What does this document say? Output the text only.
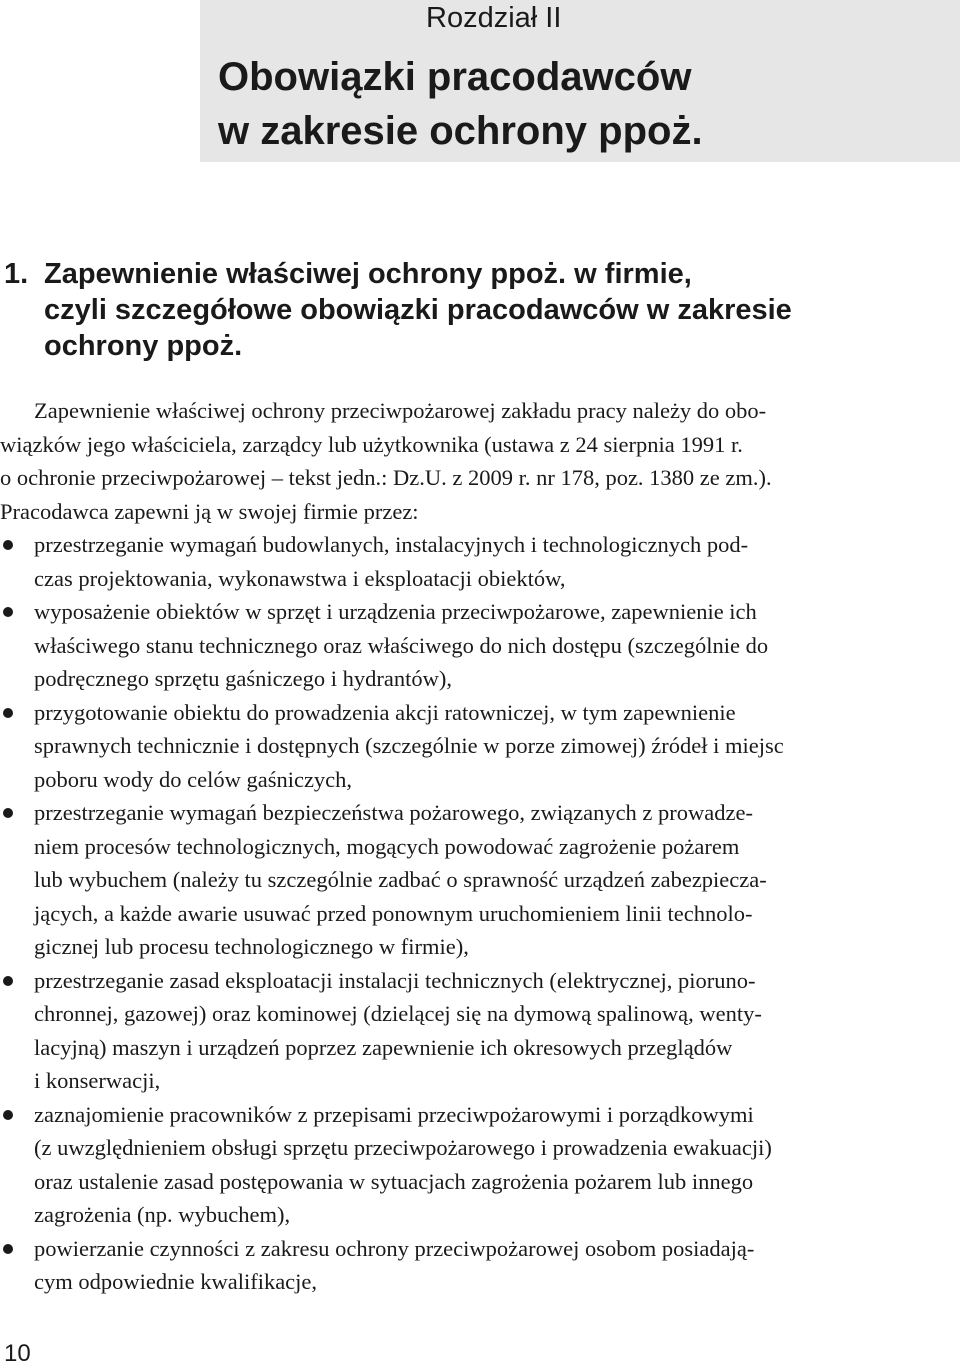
Rozdział II
Obowiązki pracodawców
w zakresie ochrony ppoż.
1. Zapewnienie właściwej ochrony ppoż. w firmie,
czyli szczegółowe obowiązki pracodawców w zakresie
ochrony ppoż.

Zapewnienie właściwej ochrony przeciwpożarowej zakładu pracy należy do obo-
wiązków jego właściciela, zarządcy lub użytkownika (ustawa z 24 sierpnia 1991 r.
o ochronie przeciwpożarowej – tekst jedn.: Dz.U. z 2009 r. nr 178, poz. 1380 ze zm.).
Pracodawca zapewni ją w swojej firmie przez:

przestrzeganie wymagań budowlanych, instalacyjnych i technologicznych pod-
czas projektowania, wykonawstwa i eksploatacji obiektów,
wyposażenie obiektów w sprzęt i urządzenia przeciwpożarowe, zapewnienie ich
właściwego stanu technicznego oraz właściwego do nich dostępu (szczególnie do
podręcznego sprzętu gaśniczego i hydrantów),
przygotowanie obiektu do prowadzenia akcji ratowniczej, w tym zapewnienie
sprawnych technicznie i dostępnych (szczególnie w porze zimowej) źródeł i miejsc
poboru wody do celów gaśniczych,
przestrzeganie wymagań bezpieczeństwa pożarowego, związanych z prowadze-
niem procesów technologicznych, mogących powodować zagrożenie pożarem
lub wybuchem (należy tu szczególnie zadbać o sprawność urządzeń zabezpiecza-
jących, a każde awarie usuwać przed ponownym uruchomieniem linii technolo-
gicznej lub procesu technologicznego w firmie),
przestrzeganie zasad eksploatacji instalacji technicznych (elektrycznej, pioruno-
chronnej, gazowej) oraz kominowej (dzielącej się na dymową spalinową, wenty-
lacyjną) maszyn i urządzeń poprzez zapewnienie ich okresowych przeglądów
i konserwacji,
zaznajomienie pracowników z przepisami przeciwpożarowymi i porządkowymi
(z uwzględnieniem obsługi sprzętu przeciwpożarowego i prowadzenia ewakuacji)
oraz ustalenie zasad postępowania w sytuacjach zagrożenia pożarem lub innego
zagrożenia (np. wybuchem),
powierzanie czynności z zakresu ochrony przeciwpożarowej osobom posiadają-
cym odpowiednie kwalifikacje,
10
